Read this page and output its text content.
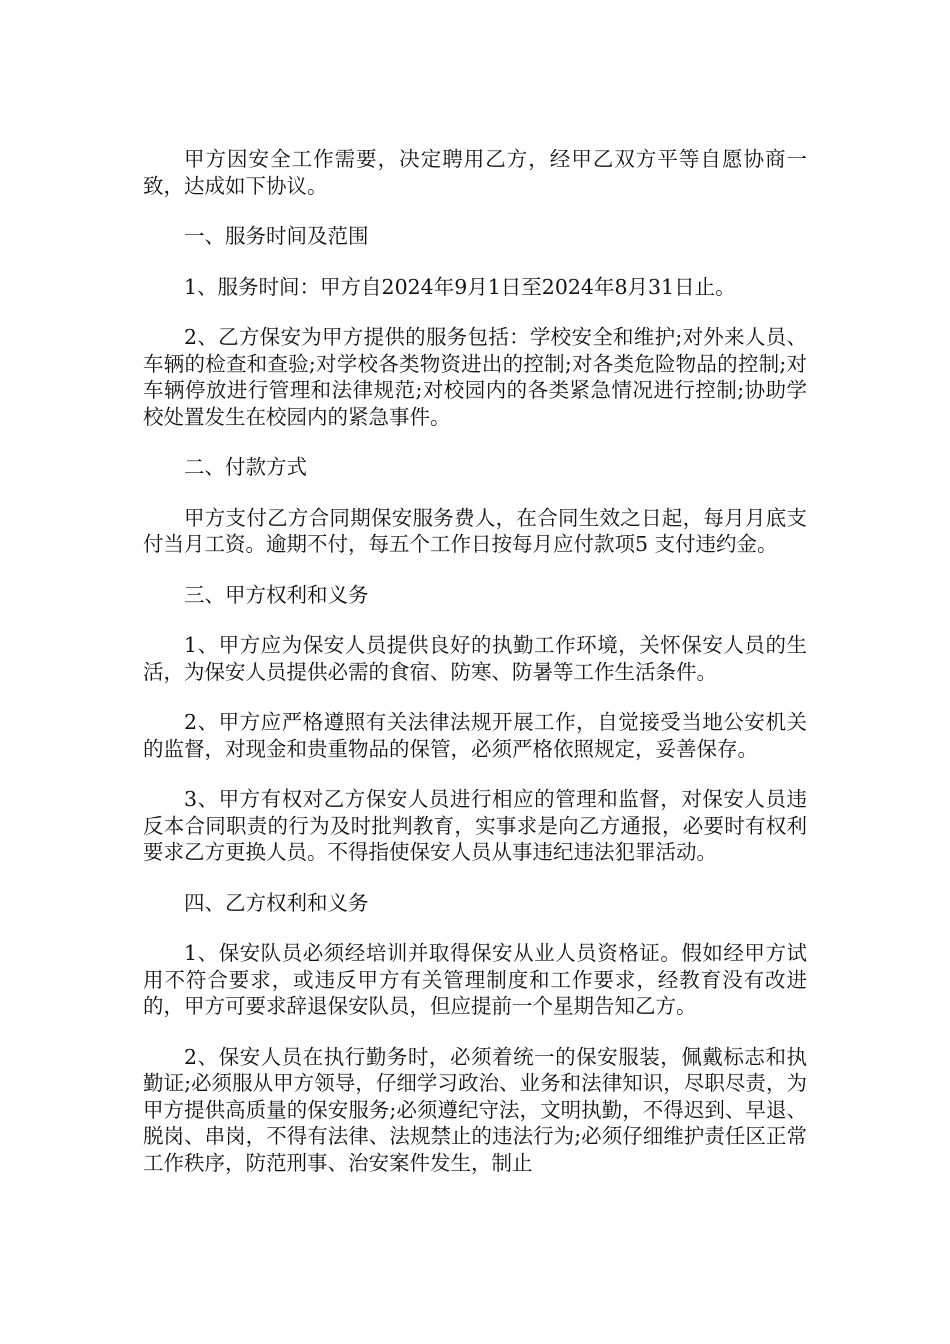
甲方因安全工作需要，决定聘用乙方，经甲乙双方平等自愿协商一致，达成如下协议。

一、服务时间及范围

1、服务时间：甲方自2024年9月1日至2024年8月31日止。

2、乙方保安为甲方提供的服务包括：学校安全和维护;对外来人员、车辆的检查和查验;对学校各类物资进出的控制;对各类危险物品的控制;对车辆停放进行管理和法律规范;对校园内的各类紧急情况进行控制;协助学校处置发生在校园内的紧急事件。

二、付款方式

甲方支付乙方合同期保安服务费人，在合同生效之日起，每月月底支付当月工资。逾期不付，每五个工作日按每月应付款项5 支付违约金。

三、甲方权利和义务

1、甲方应为保安人员提供良好的执勤工作环境，关怀保安人员的生活，为保安人员提供必需的食宿、防寒、防暑等工作生活条件。

2、甲方应严格遵照有关法律法规开展工作，自觉接受当地公安机关的监督，对现金和贵重物品的保管，必须严格依照规定，妥善保存。

3、甲方有权对乙方保安人员进行相应的管理和监督，对保安人员违反本合同职责的行为及时批判教育，实事求是向乙方通报，必要时有权利要求乙方更换人员。不得指使保安人员从事违纪违法犯罪活动。

四、乙方权利和义务

1、保安队员必须经培训并取得保安从业人员资格证。假如经甲方试用不符合要求，或违反甲方有关管理制度和工作要求，经教育没有改进的，甲方可要求辞退保安队员，但应提前一个星期告知乙方。

2、保安人员在执行勤务时，必须着统一的保安服装，佩戴标志和执勤证;必须服从甲方领导，仔细学习政治、业务和法律知识，尽职尽责，为甲方提供高质量的保安服务;必须遵纪守法，文明执勤，不得迟到、早退、脱岗、串岗，不得有法律、法规禁止的违法行为;必须仔细维护责任区正常工作秩序，防范刑事、治安案件发生，制止
